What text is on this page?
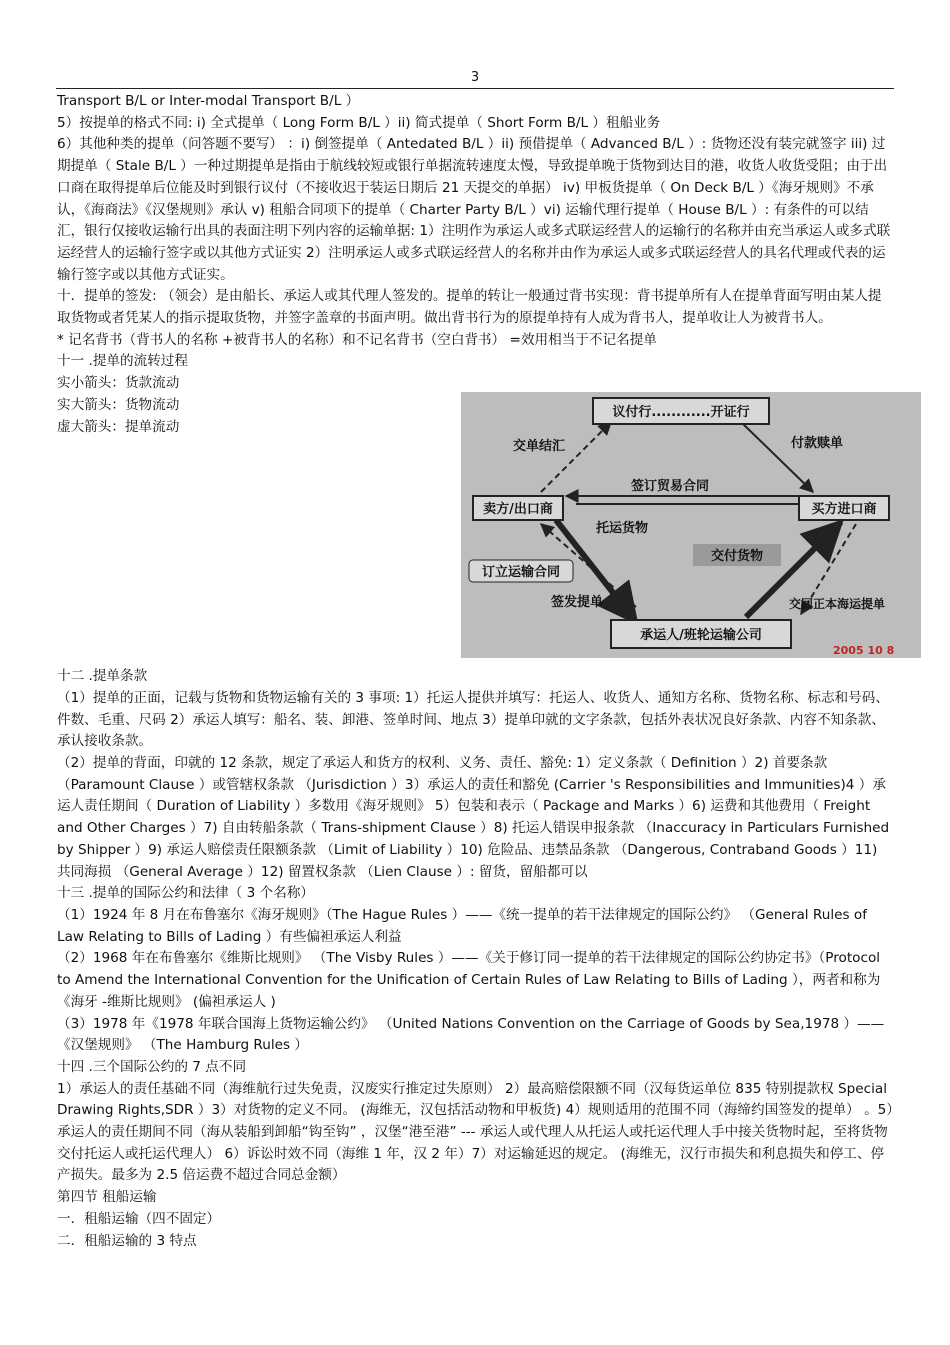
3

Transport B/L or Inter-modal Transport B/L ）

5）按提单的格式不同: i) 全式提单（ Long Form B/L ）ii) 简式提单（ Short Form B/L ）租船业务

6）其他种类的提单（问答题不要写） ：i) 倒签提单（ Antedated B/L ）ii) 预借提单（ Advanced B/L ）: 货物还没有装完就签字 iii) 过期提单（ Stale B/L ）一种过期提单是指由于航线较短或银行单据流转速度太慢，导致提单晚于货物到达目的港，收货人收货受阻；由于出口商在取得提单后位能及时到银行议付（不接收迟于装运日期后 21 天提交的单据） iv) 甲板货提单（ On Deck B/L ）《海牙规则》不承认，《海商法》《汉堡规则》承认 v) 租船合同项下的提单（ Charter Party B/L ）vi) 运输代理行提单（ House B/L ）: 有条件的可以结汇，银行仅接收运输行出具的表面注明下列内容的运输单据: 1）注明作为承运人或多式联运经营人的运输行的名称并由充当承运人或多式联运经营人的运输行签字或以其他方式证实 2）注明承运人或多式联运经营人的名称并由作为承运人或多式联运经营人的具名代理或代表的运输行签字或以其他方式证实。

十．提单的签发: （领会）是由船长、承运人或其代理人签发的。提单的转让一般通过背书实现：背书提单所有人在提单背面写明由某人提取货物或者凭某人的指示提取货物，并签字盖章的书面声明。做出背书行为的原提单持有人成为背书人，提单收让人为被背书人。

* 记名背书（背书人的名称 +被背书人的名称）和不记名背书（空白背书） =效用相当于不记名提单

十一 .提单的流转过程

实小箭头：货款流动

实大箭头：货物流动

虚大箭头：提单流动

十二 .提单条款

（1）提单的正面，记载与货物和货物运输有关的 3 事项: 1）托运人提供并填写：托运人、收货人、通知方名称、货物名称、标志和号码、件数、毛重、尺码 2）承运人填写：船名、装、卸港、签单时间、地点 3）提单印就的文字条款，包括外表状况良好条款、内容不知条款、承认接收条款。

（2）提单的背面，印就的 12 条款，规定了承运人和货方的权利、义务、责任、豁免: 1）定义条款（ Definition ）2) 首要条款（Paramount Clause ）或管辖权条款 （Jurisdiction ）3）承运人的责任和豁免 (Carrier 's Responsibilities and Immunities)4 ）承运人责任期间（ Duration of Liability ）多数用《海牙规则》 5）包装和表示（ Package and Marks ）6) 运费和其他费用（ Freight and Other Charges ）7) 自由转船条款（ Trans-shipment Clause ）8) 托运人错误申报条款 （Inaccuracy in Particulars Furnished by Shipper ）9) 承运人赔偿责任限额条款 （Limit of Liability ）10) 危险品、违禁品条款 （Dangerous, Contraband Goods ）11) 共同海损 （General Average ）12) 留置权条款 （Lien Clause ）: 留货，留船都可以

十三 .提单的国际公约和法律（ 3 个名称）

（1）1924 年 8 月在布鲁塞尔《海牙规则》（The Hague Rules ）——《统一提单的若干法律规定的国际公约》 （General Rules of Law Relating to Bills of Lading ）有些偏袒承运人利益

（2）1968 年在布鲁塞尔《维斯比规则》 （The Visby Rules ）——《关于修订同一提单的若干法律规定的国际公约协定书》（Protocol to Amend the International Convention for the Unification of Certain Rules of Law Relating to Bills of Lading ），两者和称为《海牙 -维斯比规则》 (偏袒承运人 )

（3）1978 年《1978 年联合国海上货物运输公约》 （United Nations Convention on the Carriage of Goods by Sea,1978 ）——《汉堡规则》 （The Hamburg Rules ）

十四 .三个国际公约的 7 点不同

1）承运人的责任基础不同（海维航行过失免责，汉废实行推定过失原则） 2）最高赔偿限额不同（汉每货运单位 835 特别提款权 Special Drawing Rights,SDR ）3）对货物的定义不同。 (海维无，汉包括活动物和甲板货) 4）规则适用的范围不同（海缔约国签发的提单） 。5）承运人的责任期间不同（海从装船到卸船“钩至钩” ，汉堡“港至港” --- 承运人或代理人从托运人或托运代理人手中接关货物时起，至将货物交付托运人或托运代理人） 6）诉讼时效不同（海维 1 年，汉 2 年）7）对运输延迟的规定。 (海维无，汉行市损失和利息损失和停工、停产损失。最多为 2.5 倍运费不超过合同总金额）

第四节 租船运输

一．租船运输（四不固定）

二．租船运输的 3 特点

议付行............开证行
卖方/出口商	买方进口商
承运人/班轮运输公司
交单结汇	付款赎单
签订贸易合同
托运货物
交付货物
订立运输合同
签发提单	交回正本海运提单
2005 10 8
